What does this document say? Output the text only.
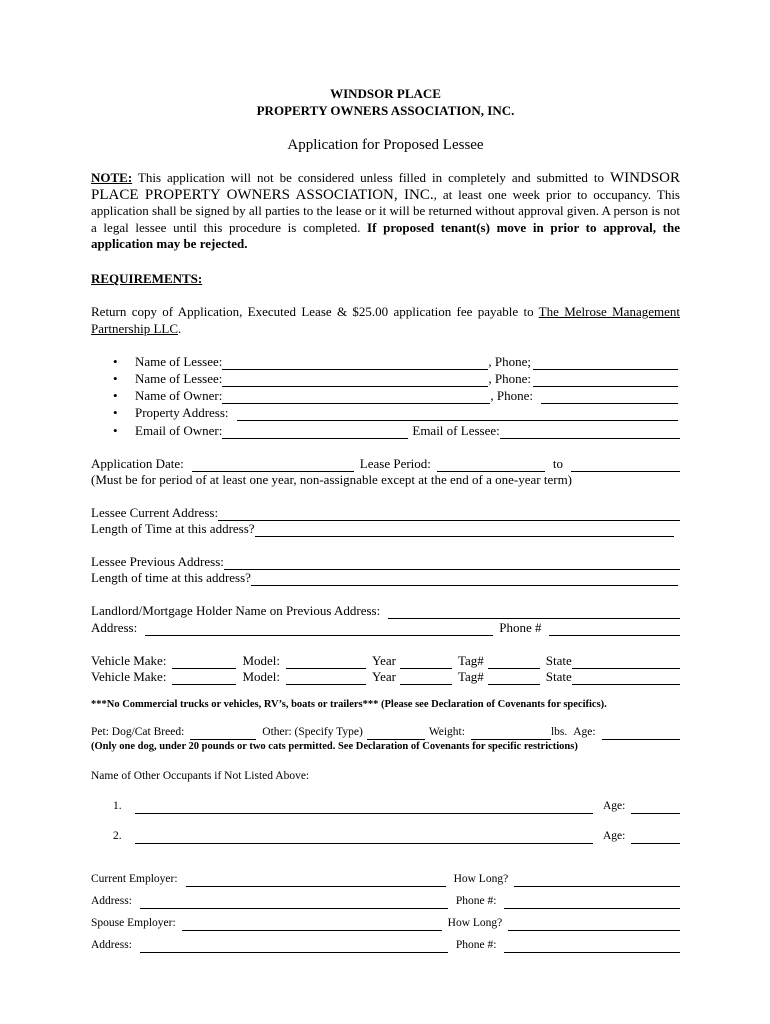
WINDSOR PLACE
PROPERTY OWNERS ASSOCIATION, INC.
Application for Proposed Lessee
NOTE: This application will not be considered unless filled in completely and submitted to WINDSOR PLACE PROPERTY OWNERS ASSOCIATION, INC., at least one week prior to occupancy. This application shall be signed by all parties to the lease or it will be returned without approval given. A person is not a legal lessee until this procedure is completed. If proposed tenant(s) move in prior to approval, the application may be rejected.
REQUIREMENTS:
Return copy of Application, Executed Lease & $25.00 application fee payable to The Melrose Management Partnership LLC.
•	Name of Lessee:	, Phone;
•	Name of Lessee:	, Phone:
•	Name of Owner:	, Phone:
•	Property Address:
•	Email of Owner:	Email of Lessee:
Application Date:	Lease Period:	to
(Must be for period of at least one year, non-assignable except at the end of a one-year term)
Lessee Current Address:
Length of Time at this address?
Lessee Previous Address:
Length of time at this address?
Landlord/Mortgage Holder Name on Previous Address:
Address:	Phone #
Vehicle Make:	Model:	Year	Tag#	State
Vehicle Make:	Model:	Year	Tag#	State
***No Commercial trucks or vehicles, RV’s, boats or trailers*** (Please see Declaration of Covenants for specifics).
Pet: Dog/Cat Breed:	Other: (Specify Type)	Weight:	lbs. Age:
(Only one dog, under 20 pounds or two cats permitted. See Declaration of Covenants for specific restrictions)
Name of Other Occupants if Not Listed Above:
1.	Age:
2.	Age:
Current Employer:	How Long?
Address:	Phone #:
Spouse Employer:	How Long?
Address:	Phone #:
